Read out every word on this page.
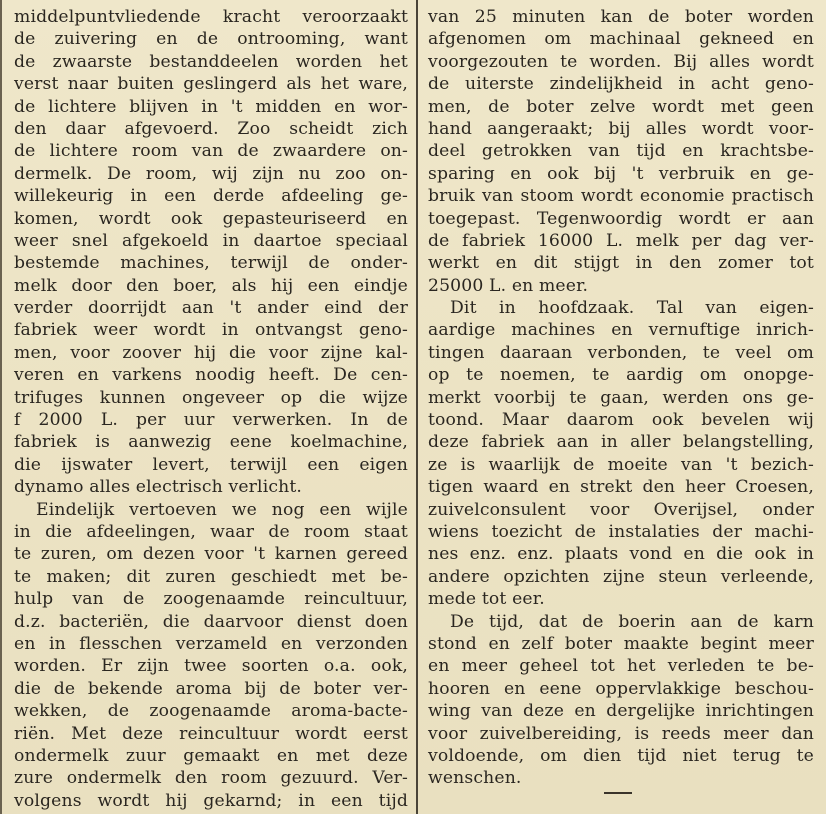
middelpuntvliedende kracht veroorzaakt
de zuivering en de ontrooming, want
de zwaarste bestanddeelen worden het
verst naar buiten geslingerd als het ware,
de lichtere blijven in 't midden en wor-
den daar afgevoerd. Zoo scheidt zich
de lichtere room van de zwaardere on-
dermelk. De room, wij zijn nu zoo on-
willekeurig in een derde afdeeling ge-
komen, wordt ook gepasteuriseerd en
weer snel afgekoeld in daartoe speciaal
bestemde machines, terwijl de onder-
melk door den boer, als hij een eindje
verder doorrijdt aan 't ander eind der
fabriek weer wordt in ontvangst geno-
men, voor zoover hij die voor zijne kal-
veren en varkens noodig heeft. De cen-
trifuges kunnen ongeveer op die wijze
f 2000 L. per uur verwerken. In de
fabriek is aanwezig eene koelmachine,
die ijswater levert, terwijl een eigen
dynamo alles electrisch verlicht.
Eindelijk vertoeven we nog een wijle
in die afdeelingen, waar de room staat
te zuren, om dezen voor 't karnen gereed
te maken; dit zuren geschiedt met be-
hulp van de zoogenaamde reincultuur,
d.z. bacteriën, die daarvoor dienst doen
en in flesschen verzameld en verzonden
worden. Er zijn twee soorten o.a. ook,
die de bekende aroma bij de boter ver-
wekken, de zoogenaamde aroma-bacte-
riën. Met deze reincultuur wordt eerst
ondermelk zuur gemaakt en met deze
zure ondermelk den room gezuurd. Ver-
volgens wordt hij gekarnd; in een tijd
van 25 minuten kan de boter worden
afgenomen om machinaal gekneed en
voorgezouten te worden. Bij alles wordt
de uiterste zindelijkheid in acht geno-
men, de boter zelve wordt met geen
hand aangeraakt; bij alles wordt voor-
deel getrokken van tijd en krachtsbe-
sparing en ook bij 't verbruik en ge-
bruik van stoom wordt economie practisch
toegepast. Tegenwoordig wordt er aan
de fabriek 16000 L. melk per dag ver-
werkt en dit stijgt in den zomer tot
25000 L. en meer.
Dit in hoofdzaak. Tal van eigen-
aardige machines en vernuftige inrich-
tingen daaraan verbonden, te veel om
op te noemen, te aardig om onopge-
merkt voorbij te gaan, werden ons ge-
toond. Maar daarom ook bevelen wij
deze fabriek aan in aller belangstelling,
ze is waarlijk de moeite van 't bezich-
tigen waard en strekt den heer Croesen,
zuivelconsulent voor Overijsel, onder
wiens toezicht de instalaties der machi-
nes enz. enz. plaats vond en die ook in
andere opzichten zijne steun verleende,
mede tot eer.
De tijd, dat de boerin aan de karn
stond en zelf boter maakte begint meer
en meer geheel tot het verleden te be-
hooren en eene oppervlakkige beschou-
wing van deze en dergelijke inrichtingen
voor zuivelbereiding, is reeds meer dan
voldoende, om dien tijd niet terug te
wenschen.
